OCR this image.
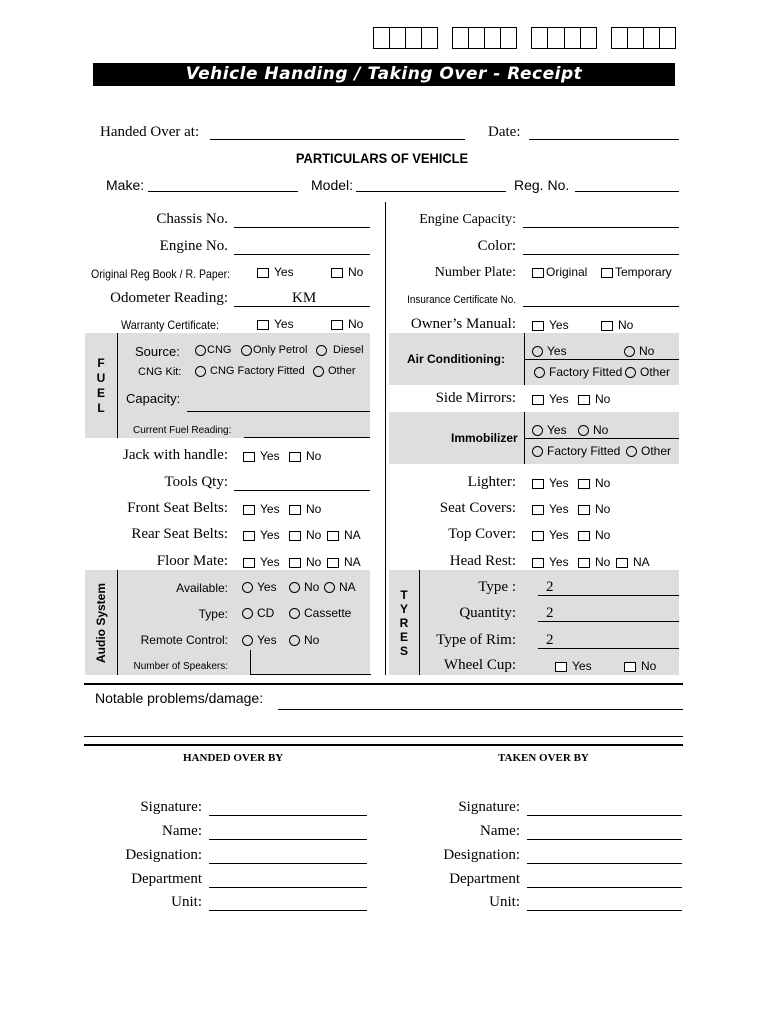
Vehicle Handing / Taking Over - Receipt
Handed Over at:	Date:
PARTICULARS OF VEHICLE
Make:	Model:	Reg. No.
Chassis No.
Engine No.
Original Reg Book / R. Paper:	Yes	No
Odometer Reading:	KM
Warranty Certificate:	Yes	No
FUEL
Source:	CNG	Only Petrol	Diesel
CNG Kit:	CNG Factory Fitted	Other
Capacity:
Current Fuel Reading:
Jack with handle:	Yes	No
Tools Qty:
Front Seat Belts:	Yes	No
Rear Seat Belts:	Yes	No	NA
Floor Mate:	Yes	No	NA
Audio System	Available:	Yes	No	NA
Type:	CD	Cassette
Remote Control:	Yes	No
Number of Speakers:
Engine Capacity:
Color:
Number Plate:	Original	Temporary
Insurance Certificate No.
Owner’s Manual:	Yes	No
Air Conditioning:
Yes	No
Factory Fitted	Other
Side Mirrors:	Yes	No
Immobilizer
Yes	No
Factory Fitted	Other
Lighter:	Yes	No
Seat Covers:	Yes	No
Top Cover:	Yes	No
Head Rest:	Yes	No	NA
TYRES
Type : 2
Quantity: 2
Type of Rim: 2
Wheel Cup:	Yes	No
Notable problems/damage:
HANDED OVER BY	TAKEN OVER BY
Signature:
Name:
Designation:
Department
Unit:
Signature:
Name:
Designation:
Department
Unit:
